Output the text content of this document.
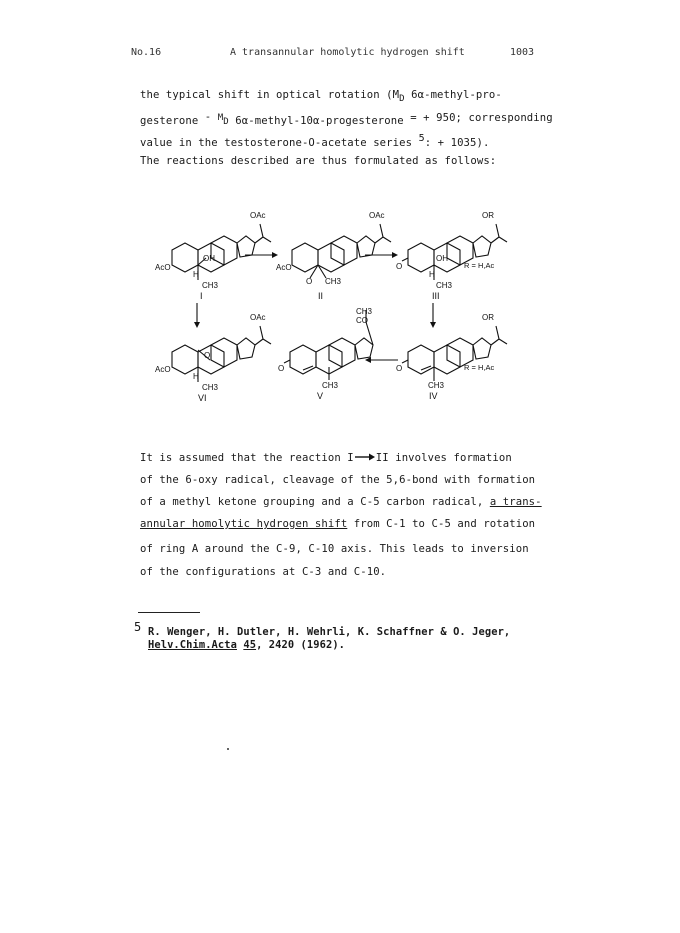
No.16	A transannular homolytic hydrogen shift	1003
the typical shift in optical rotation ($M_D$ 6α-methyl-pro-
gesterone - $^M$D 6α-methyl-10α-progesterone = + 950; corresponding
value in the testosterone-O-acetate series 5: + 1035).
The reactions described are thus formulated as follows:
OAc
AcO
OH
H
CH3
I
OAc
AcO
O CH3
II
OR
O
OH
H
CH3
R = H,Ac
III
OAc
AcO
O
H
CH3
VI
CH3
CO
O
CH3
V
OR
O
CH3
R = H,Ac
IV
It is assumed that the reaction I→II involves formation
of the 6-oxy radical, cleavage of the 5,6-bond with formation
of a methyl ketone grouping and a C-5 carbon radical, a trans-
annular homolytic hydrogen shift from C-1 to C-5 and rotation
of ring A around the C-9, C-10 axis. This leads to inversion
of the configurations at C-3 and C-10.
5 R. Wenger, H. Dutler, H. Wehrli, K. Schaffner & O. Jeger,
Helv.Chim.Acta 45, 2420 (1962).
